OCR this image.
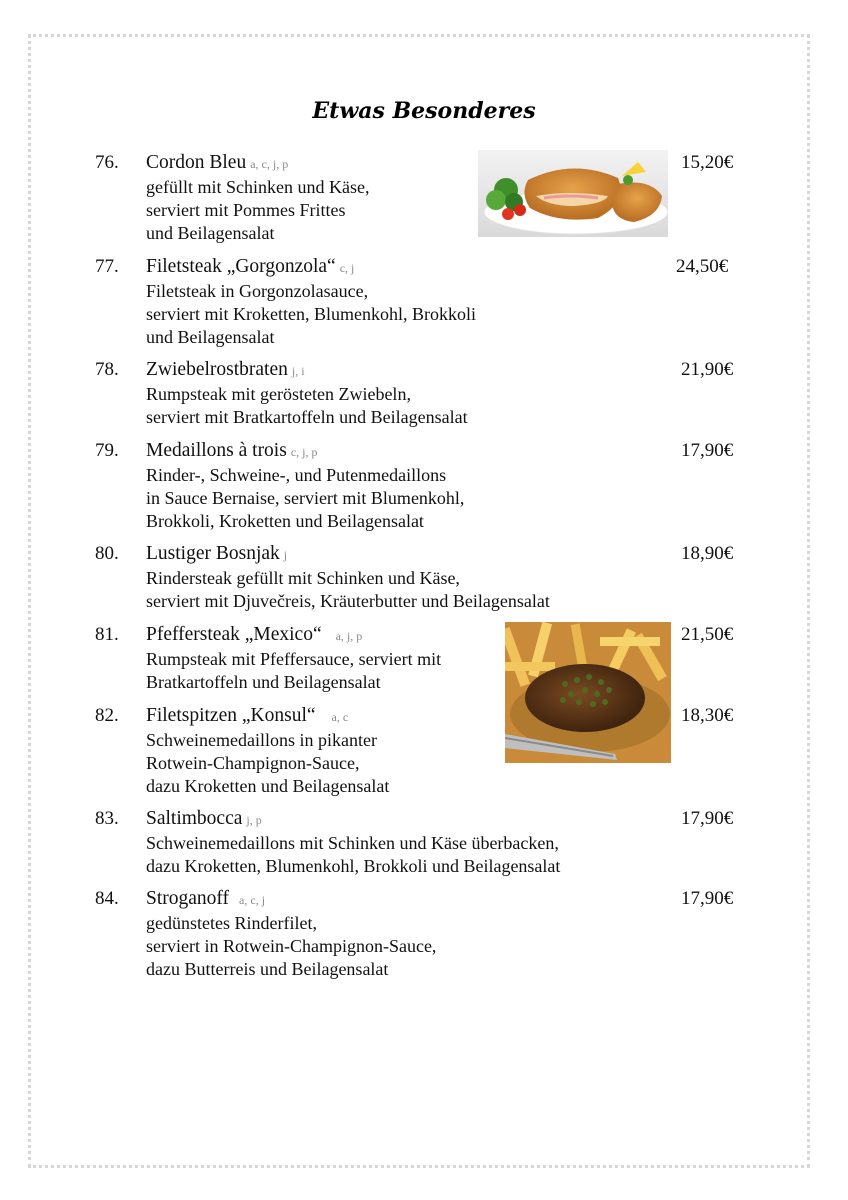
Etwas Besonderes
76. Cordon Bleu a, c, j, p
gefüllt mit Schinken und Käse,
serviert mit Pommes Frittes
und Beilagensalat
15,20€
77. Filetsteak „Gorgonzola“ c, j
Filetsteak in Gorgonzolasauce,
serviert mit Kroketten, Blumenkohl, Brokkoli
und Beilagensalat
24,50€
78. Zwiebelrostbraten j, i
Rumpsteak mit gerösteten Zwiebeln,
serviert mit Bratkartoffeln und Beilagensalat
21,90€
79. Medaillons à trois c, j, p
Rinder-, Schweine-, und Putenmedaillons
in Sauce Bernaise, serviert mit Blumenkohl,
Brokkoli, Kroketten und Beilagensalat
17,90€
80. Lustiger Bosnjak j
Rindersteak gefüllt mit Schinken und Käse,
serviert mit Djuvečreis, Kräuterbutter und Beilagensalat
18,90€
81. Pfeffersteak „Mexico“ a, j, p
Rumpsteak mit Pfeffersauce, serviert mit
Bratkartoffeln und Beilagensalat
21,50€
82. Filetspitzen „Konsul“ a, c
Schweinemedaillons in pikanter
Rotwein-Champignon-Sauce,
dazu Kroketten und Beilagensalat
18,30€
83. Saltimbocca j, p
Schweinemedaillons mit Schinken und Käse überbacken,
dazu Kroketten, Blumenkohl, Brokkoli und Beilagensalat
17,90€
84. Stroganoff a, c, j
gedünstetes Rinderfilet,
serviert in Rotwein-Champignon-Sauce,
dazu Butterreis und Beilagensalat
17,90€
